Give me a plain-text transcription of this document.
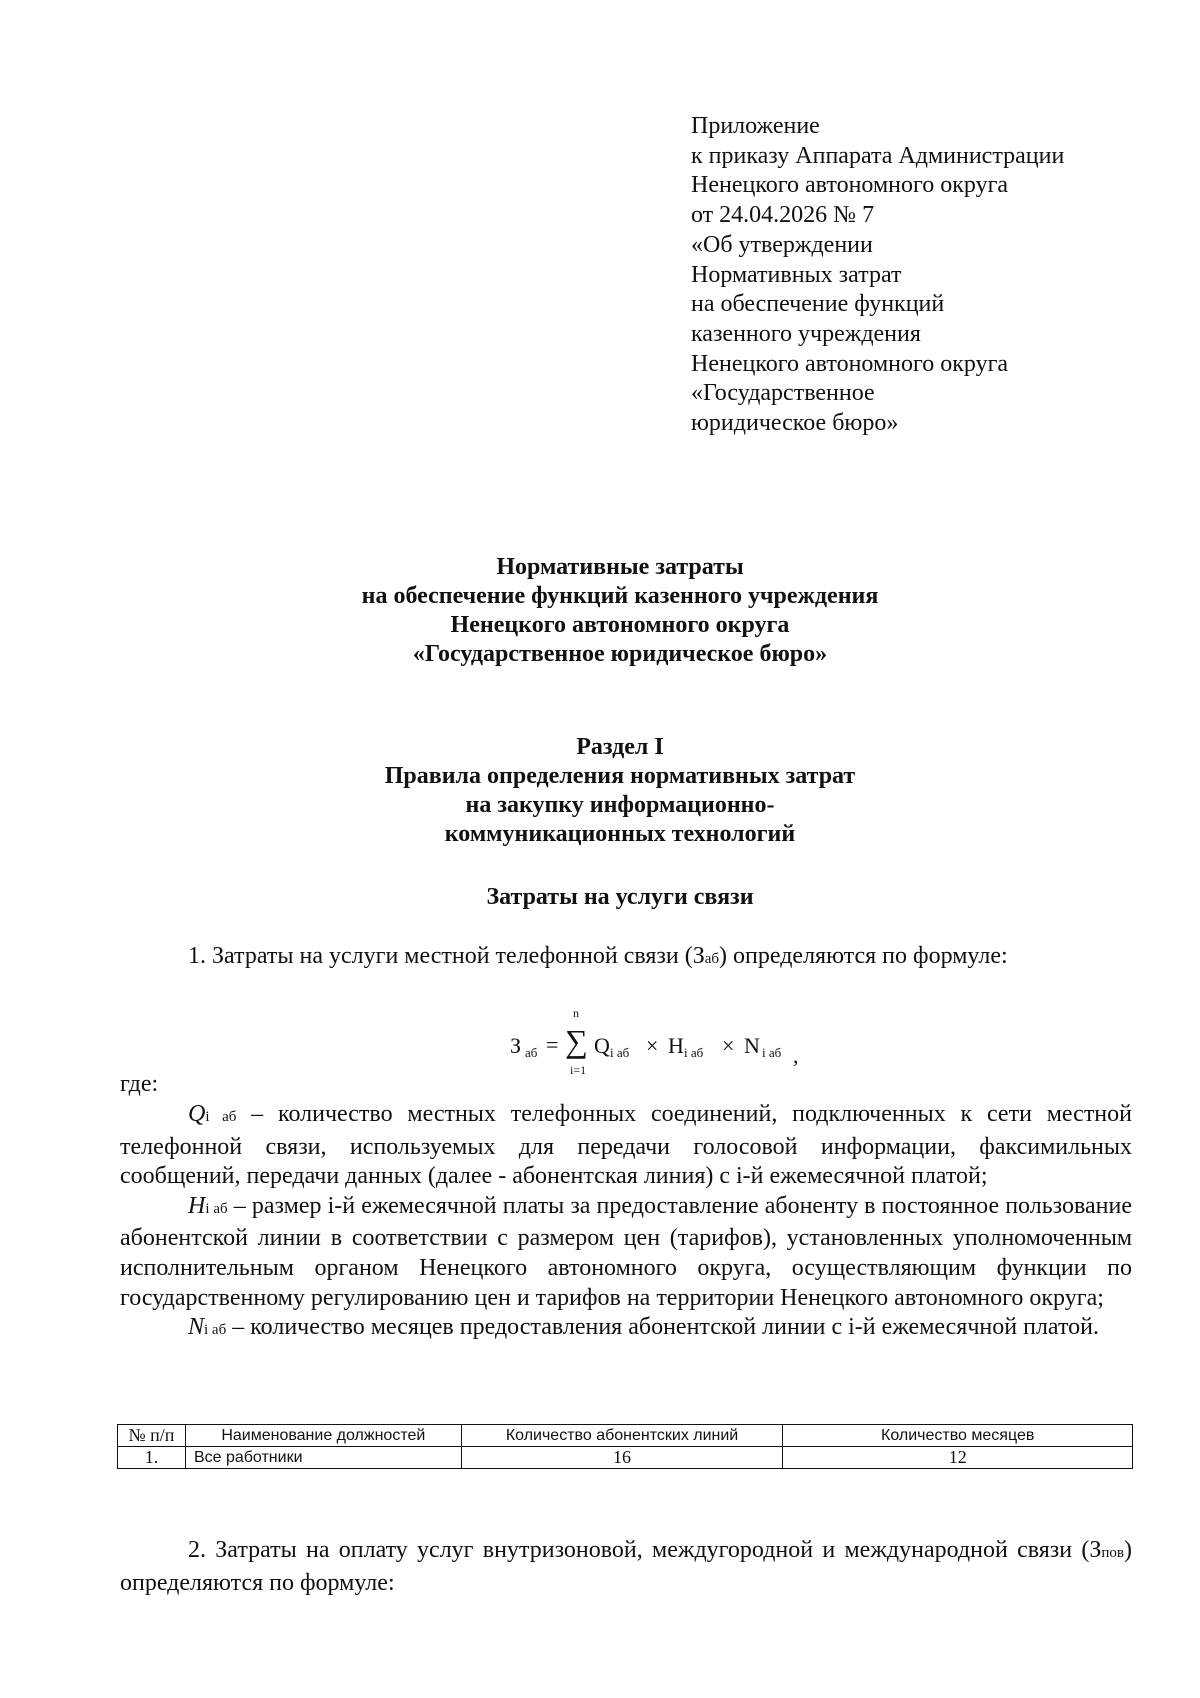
Приложение
к приказу Аппарата Администрации
Ненецкого автономного округа
от 24.04.2026 № 7
«Об утверждении
Нормативных затрат
на обеспечение функций
казенного учреждения
Ненецкого автономного округа
«Государственное
юридическое бюро»
Нормативные затраты
на обеспечение функций казенного учреждения
Ненецкого автономного округа
«Государственное юридическое бюро»
Раздел I
Правила определения нормативных затрат
на закупку информационно-
коммуникационных технологий
Затраты на услуги связи
1. Затраты на услуги местной телефонной связи (Заб) определяются по формуле:
З аб =
n
∑
i=1
Q i аб × Н i аб × N i аб ,
где:

Qi аб – количество местных телефонных соединений, подключенных к сети местной телефонной связи, используемых для передачи голосовой информации, факсимильных сообщений, передачи данных (далее - абонентская линия) с i-й ежемесячной платой;

Нi аб – размер i-й ежемесячной платы за предоставление абоненту в постоянное пользование абонентской линии в соответствии с размером цен (тарифов), установленных уполномоченным исполнительным органом Ненецкого автономного округа, осуществляющим функции по государственному регулированию цен и тарифов на территории Ненецкого автономного округа;

Ni аб – количество месяцев предоставления абонентской линии с i-й ежемесячной платой.

№ п/п	Наименование должностей	Количество абонентских линий	Количество месяцев
1.	Все работники	16	12
2. Затраты на оплату услуг внутризоновой, междугородной и международной связи (Зпов) определяются по формуле:
